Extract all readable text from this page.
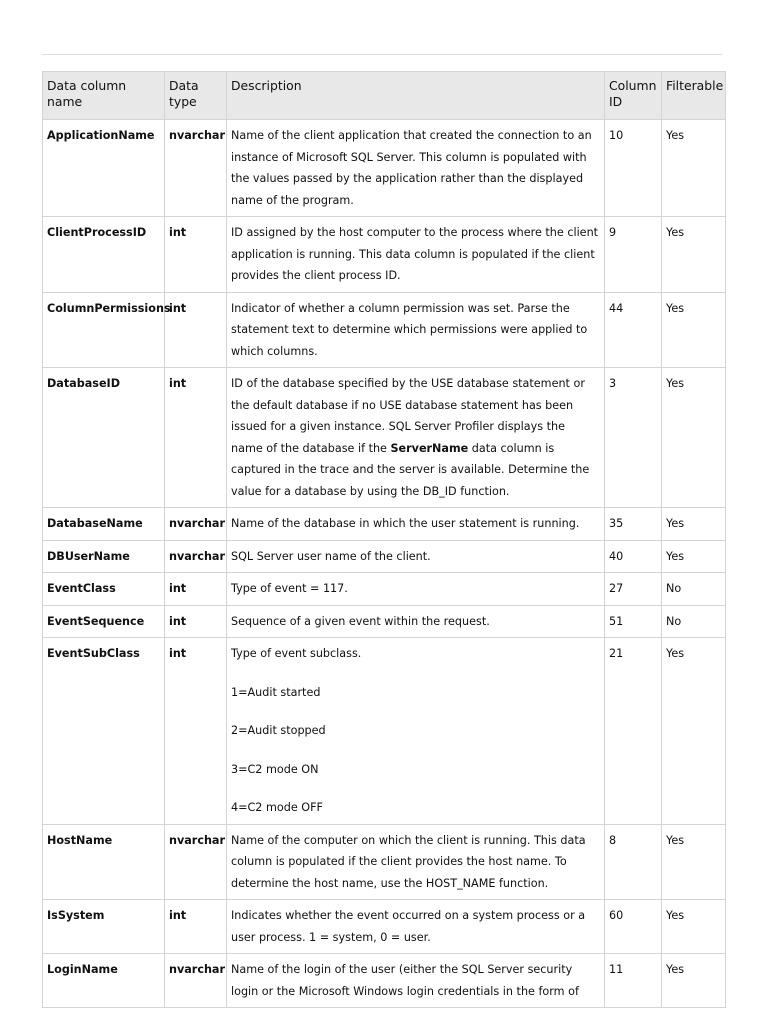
Data column name	Data type	Description	Column ID	Filterable
ApplicationName	nvarchar	Name of the client application that created the connection to an instance of Microsoft SQL Server. This column is populated with the values passed by the application rather than the displayed name of the program.	10	Yes
ClientProcessID	int	ID assigned by the host computer to the process where the client application is running. This data column is populated if the client provides the client process ID.	9	Yes
ColumnPermissions	int	Indicator of whether a column permission was set. Parse the statement text to determine which permissions were applied to which columns.	44	Yes
DatabaseID	int	ID of the database specified by the USE database statement or the default database if no USE database statement has been issued for a given instance. SQL Server Profiler displays the name of the database if the ServerName data column is captured in the trace and the server is available. Determine the value for a database by using the DB_ID function.	3	Yes
DatabaseName	nvarchar	Name of the database in which the user statement is running.	35	Yes
DBUserName	nvarchar	SQL Server user name of the client.	40	Yes
EventClass	int	Type of event = 117.	27	No
EventSequence	int	Sequence of a given event within the request.	51	No
EventSubClass	int	Type of event subclass.
1=Audit started
2=Audit stopped
3=C2 mode ON
4=C2 mode OFF	21	Yes
HostName	nvarchar	Name of the computer on which the client is running. This data column is populated if the client provides the host name. To determine the host name, use the HOST_NAME function.	8	Yes
IsSystem	int	Indicates whether the event occurred on a system process or a user process. 1 = system, 0 = user.	60	Yes
LoginName	nvarchar	Name of the login of the user (either the SQL Server security login or the Microsoft Windows login credentials in the form of	11	Yes
